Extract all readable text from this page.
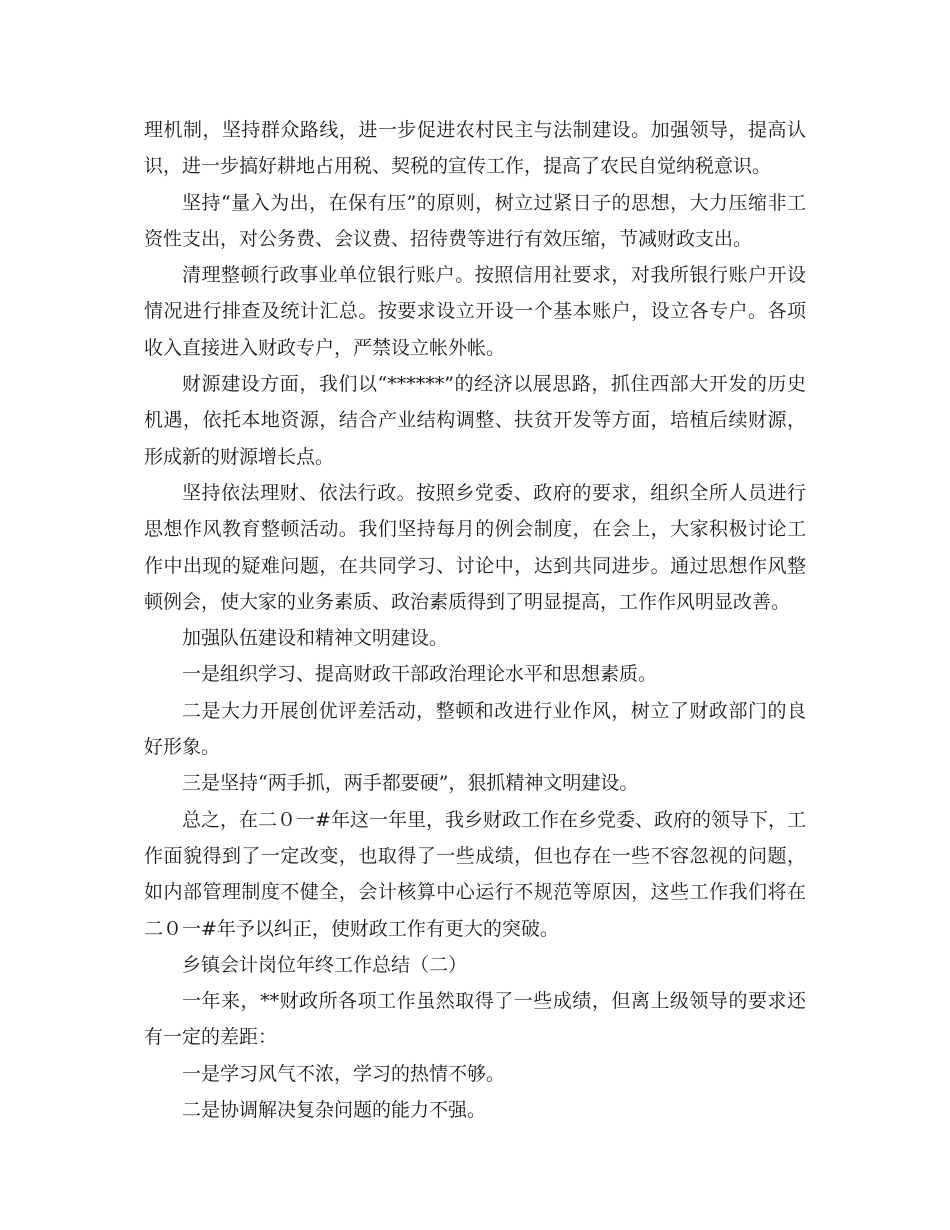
理机制，坚持群众路线，进一步促进农村民主与法制建设。加强领导，提高认识，进一步搞好耕地占用税、契税的宣传工作，提高了农民自觉纳税意识。

坚持“量入为出，在保有压”的原则，树立过紧日子的思想，大力压缩非工资性支出，对公务费、会议费、招待费等进行有效压缩，节减财政支出。

清理整顿行政事业单位银行账户。按照信用社要求，对我所银行账户开设情况进行排查及统计汇总。按要求设立开设一个基本账户，设立各专户。各项收入直接进入财政专户，严禁设立帐外帐。

财源建设方面，我们以“******”的经济以展思路，抓住西部大开发的历史机遇，依托本地资源，结合产业结构调整、扶贫开发等方面，培植后续财源，形成新的财源增长点。

坚持依法理财、依法行政。按照乡党委、政府的要求，组织全所人员进行思想作风教育整顿活动。我们坚持每月的例会制度，在会上，大家积极讨论工作中出现的疑难问题，在共同学习、讨论中，达到共同进步。通过思想作风整顿例会，使大家的业务素质、政治素质得到了明显提高，工作作风明显改善。

加强队伍建设和精神文明建设。

一是组织学习、提高财政干部政治理论水平和思想素质。

二是大力开展创优评差活动，整顿和改进行业作风，树立了财政部门的良好形象。

三是坚持“两手抓，两手都要硬”，狠抓精神文明建设。

总之，在二０一#年这一年里，我乡财政工作在乡党委、政府的领导下，工作面貌得到了一定改变，也取得了一些成绩，但也存在一些不容忽视的问题，如内部管理制度不健全，会计核算中心运行不规范等原因，这些工作我们将在二０一#年予以纠正，使财政工作有更大的突破。

乡镇会计岗位年终工作总结（二）

一年来，**财政所各项工作虽然取得了一些成绩，但离上级领导的要求还有一定的差距：

一是学习风气不浓，学习的热情不够。

二是协调解决复杂问题的能力不强。
